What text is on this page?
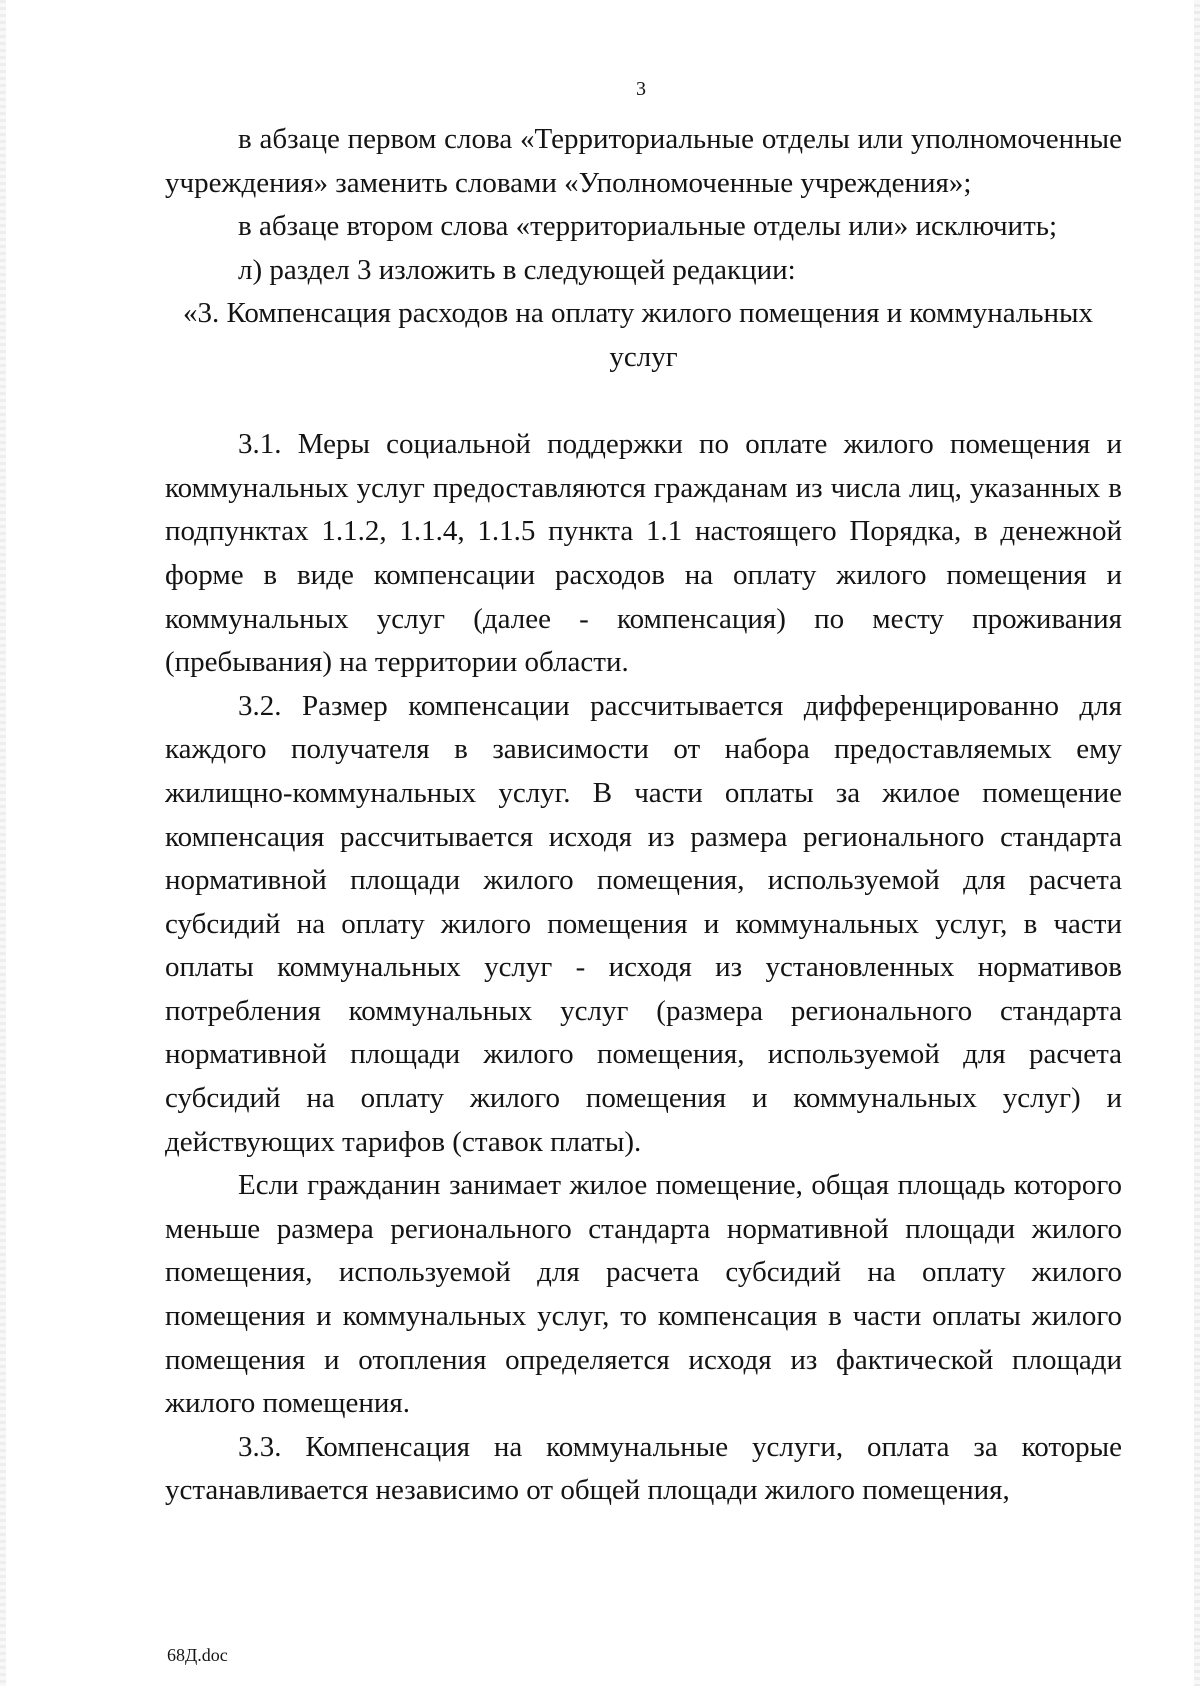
3

в абзаце первом слова «Территориальные отделы или уполномоченные учреждения» заменить словами «Уполномоченные учреждения»;

в абзаце втором слова «территориальные отделы или» исключить;

л) раздел 3 изложить в следующей редакции:

«3. Компенсация расходов на оплату жилого помещения и коммунальных услуг

3.1. Меры социальной поддержки по оплате жилого помещения и коммунальных услуг предоставляются гражданам из числа лиц, указанных в подпунктах 1.1.2, 1.1.4, 1.1.5 пункта 1.1 настоящего Порядка, в денежной форме в виде компенсации расходов на оплату жилого помещения и коммунальных услуг (далее - компенсация) по месту проживания (пребывания) на территории области.

3.2. Размер компенсации рассчитывается дифференцированно для каждого получателя в зависимости от набора предоставляемых ему жилищно-коммунальных услуг. В части оплаты за жилое помещение компенсация рассчитывается исходя из размера регионального стандарта нормативной площади жилого помещения, используемой для расчета субсидий на оплату жилого помещения и коммунальных услуг, в части оплаты коммунальных услуг - исходя из установленных нормативов потребления коммунальных услуг (размера регионального стандарта нормативной площади жилого помещения, используемой для расчета субсидий на оплату жилого помещения и коммунальных услуг) и действующих тарифов (ставок платы).

Если гражданин занимает жилое помещение, общая площадь которого меньше размера регионального стандарта нормативной площади жилого помещения, используемой для расчета субсидий на оплату жилого помещения и коммунальных услуг, то компенсация в части оплаты жилого помещения и отопления определяется исходя из фактической площади жилого помещения.

3.3. Компенсация на коммунальные услуги, оплата за которые устанавливается независимо от общей площади жилого помещения,

68Д.doc
